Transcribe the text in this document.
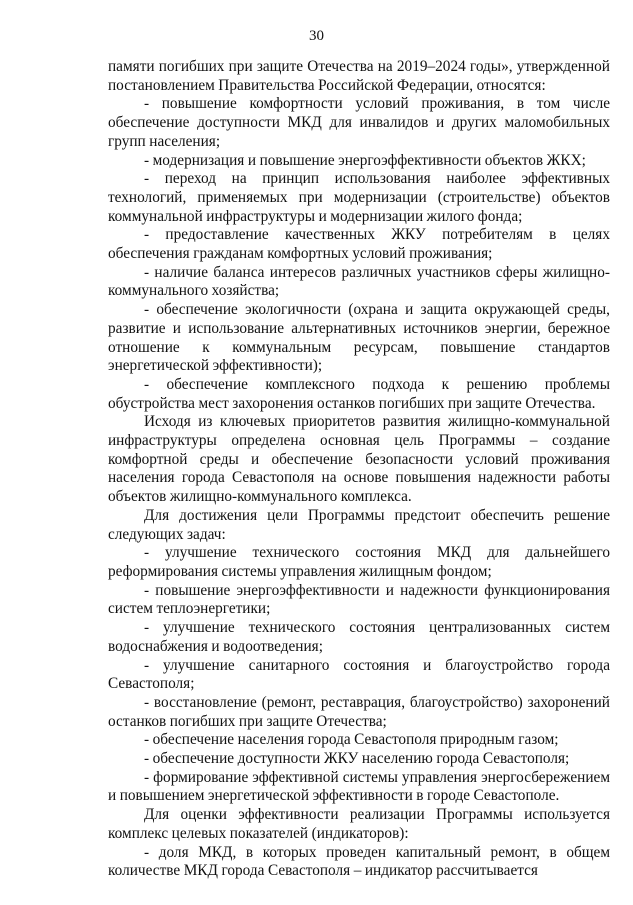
30

памяти погибших при защите Отечества на 2019–2024 годы», утвержденной постановлением Правительства Российской Федерации, относятся:

- повышение комфортности условий проживания, в том числе обеспечение доступности МКД для инвалидов и других маломобильных групп населения;

- модернизация и повышение энергоэффективности объектов ЖКХ;

- переход на принцип использования наиболее эффективных технологий, применяемых при модернизации (строительстве) объектов коммунальной инфраструктуры и модернизации жилого фонда;

- предоставление качественных ЖКУ потребителям в целях обеспечения гражданам комфортных условий проживания;

- наличие баланса интересов различных участников сферы жилищно-коммунального хозяйства;

- обеспечение экологичности (охрана и защита окружающей среды, развитие и использование альтернативных источников энергии, бережное отношение к коммунальным ресурсам, повышение стандартов энергетической эффективности);

- обеспечение комплексного подхода к решению проблемы обустройства мест захоронения останков погибших при защите Отечества.

Исходя из ключевых приоритетов развития жилищно-коммунальной инфраструктуры определена основная цель Программы – создание комфортной среды и обеспечение безопасности условий проживания населения города Севастополя на основе повышения надежности работы объектов жилищно-коммунального комплекса.

Для достижения цели Программы предстоит обеспечить решение следующих задач:

- улучшение технического состояния МКД для дальнейшего реформирования системы управления жилищным фондом;

- повышение энергоэффективности и надежности функционирования систем теплоэнергетики;

- улучшение технического состояния централизованных систем водоснабжения и водоотведения;

- улучшение санитарного состояния и благоустройство города Севастополя;

- восстановление (ремонт, реставрация, благоустройство) захоронений останков погибших при защите Отечества;

- обеспечение населения города Севастополя природным газом;

- обеспечение доступности ЖКУ населению города Севастополя;

- формирование эффективной системы управления энергосбережением и повышением энергетической эффективности в городе Севастополе.

Для оценки эффективности реализации Программы используется комплекс целевых показателей (индикаторов):

- доля МКД, в которых проведен капитальный ремонт, в общем количестве МКД города Севастополя – индикатор рассчитывается
